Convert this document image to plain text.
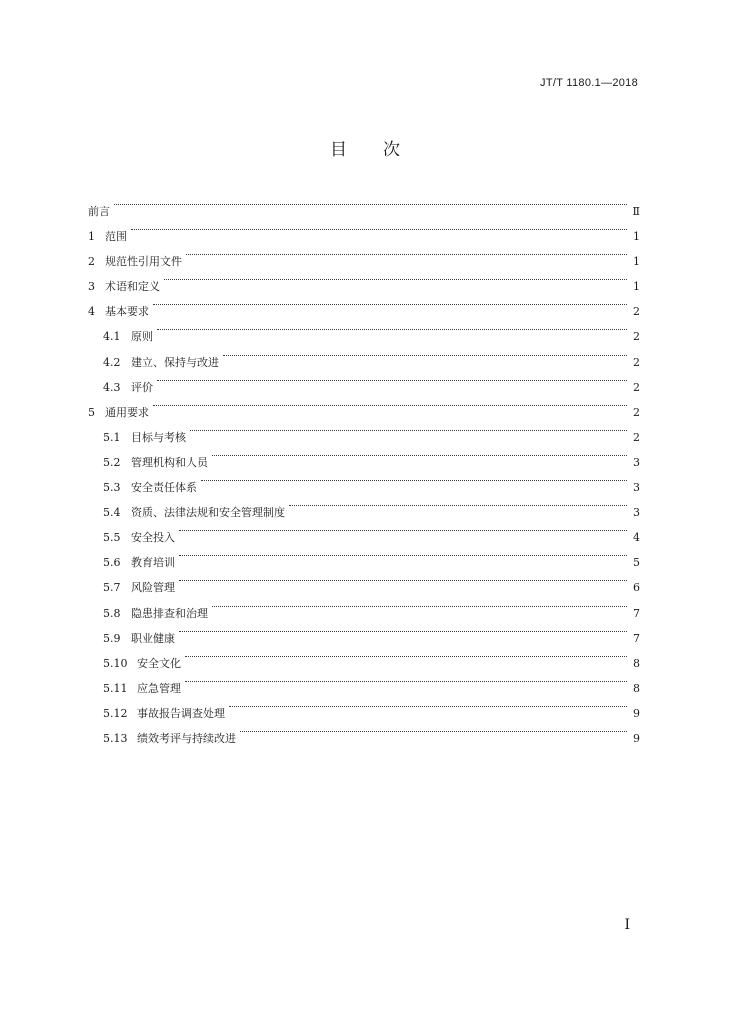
JT/T 1180.1—2018
目次
前言	Ⅱ
1 范围	1
2 规范性引用文件	1
3 术语和定义	1
4 基本要求	2
4.1 原则	2
4.2 建立、保持与改进	2
4.3 评价	2
5 通用要求	2
5.1 目标与考核	2
5.2 管理机构和人员	3
5.3 安全责任体系	3
5.4 资质、法律法规和安全管理制度	3
5.5 安全投入	4
5.6 教育培训	5
5.7 风险管理	6
5.8 隐患排查和治理	7
5.9 职业健康	7
5.10 安全文化	8
5.11 应急管理	8
5.12 事故报告调查处理	9
5.13 绩效考评与持续改进	9
Ⅰ
